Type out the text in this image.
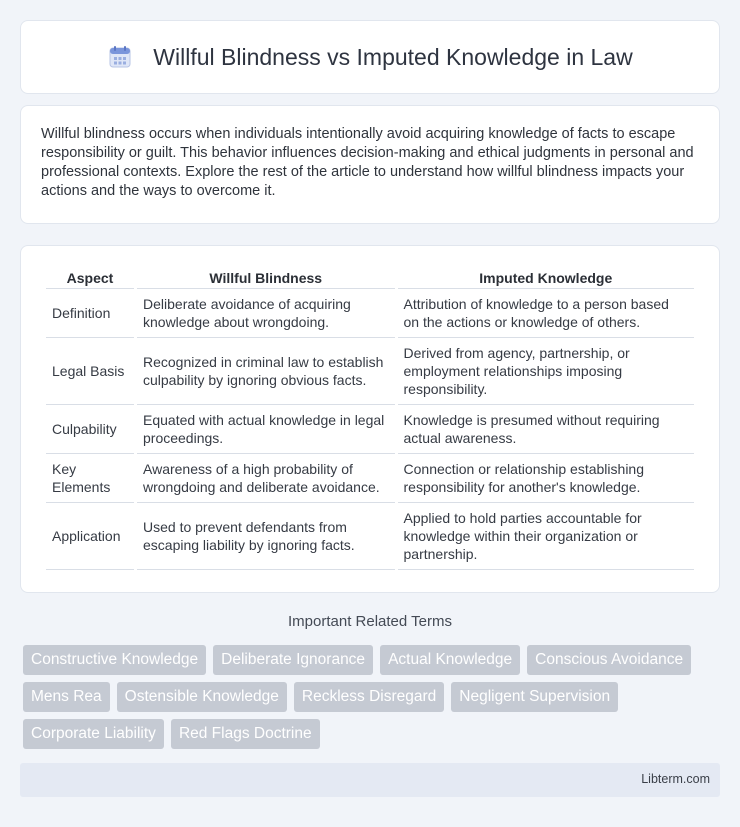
Willful Blindness vs Imputed Knowledge in Law

Willful blindness occurs when individuals intentionally avoid acquiring knowledge of facts to escape responsibility or guilt. This behavior influences decision-making and ethical judgments in personal and professional contexts. Explore the rest of the article to understand how willful blindness impacts your actions and the ways to overcome it.

Aspect	Willful Blindness	Imputed Knowledge
Definition	Deliberate avoidance of acquiring knowledge about wrongdoing.	Attribution of knowledge to a person based on the actions or knowledge of others.
Legal Basis	Recognized in criminal law to establish culpability by ignoring obvious facts.	Derived from agency, partnership, or employment relationships imposing responsibility.
Culpability	Equated with actual knowledge in legal proceedings.	Knowledge is presumed without requiring actual awareness.
Key Elements	Awareness of a high probability of wrongdoing and deliberate avoidance.	Connection or relationship establishing responsibility for another's knowledge.
Application	Used to prevent defendants from escaping liability by ignoring facts.	Applied to hold parties accountable for knowledge within their organization or partnership.
Important Related Terms
Constructive Knowledge	Deliberate Ignorance	Actual Knowledge	Conscious Avoidance
Mens Rea	Ostensible Knowledge	Reckless Disregard	Negligent Supervision
Corporate Liability	Red Flags Doctrine
Libterm.com
